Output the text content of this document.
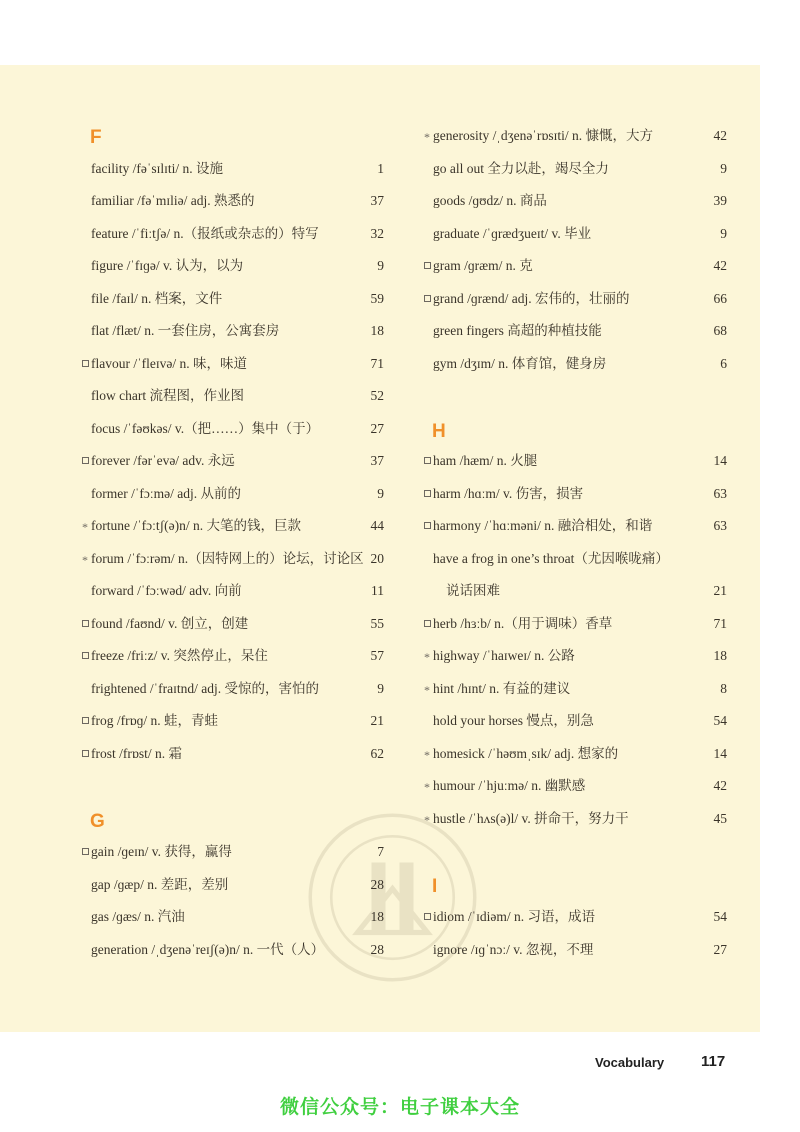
F
facility /fəˈsɪlɪti/ n. 设施	1
familiar /fəˈmɪliə/ adj. 熟悉的	37
feature /ˈfiːtʃə/ n.（报纸或杂志的）特写	32
figure /ˈfɪɡə/ v. 认为，以为	9
file /faɪl/ n. 档案，文件	59
flat /flæt/ n. 一套住房，公寓套房	18
flavour /ˈfleɪvə/ n. 味，味道	71
flow chart 流程图，作业图	52
focus /ˈfəʊkəs/ v.（把……）集中（于）	27
forever /fərˈevə/ adv. 永远	37
former /ˈfɔːmə/ adj. 从前的	9
*
fortune /ˈfɔːtʃ(ə)n/ n. 大笔的钱，巨款	44
*
forum /ˈfɔːrəm/ n.（因特网上的）论坛，讨论区 20
forward /ˈfɔːwəd/ adv. 向前	11
found /faʊnd/ v. 创立，创建	55
freeze /friːz/ v. 突然停止，呆住	57
frightened /ˈfraɪtnd/ adj. 受惊的，害怕的	9
frog /frɒɡ/ n. 蛙，青蛙	21
frost /frɒst/ n. 霜	62
G
gain /ɡeɪn/ v. 获得，赢得	7
gap /ɡæp/ n. 差距，差别	28
gas /ɡæs/ n. 汽油	18
generation /ˌdʒenəˈreɪʃ(ə)n/ n. 一代（人）	28
*
generosity /ˌdʒenəˈrɒsɪti/ n. 慷慨，大方	42
go all out 全力以赴，竭尽全力	9
goods /ɡʊdz/ n. 商品	39
graduate /ˈɡrædʒueɪt/ v. 毕业	9
gram /ɡræm/ n. 克	42
grand /ɡrænd/ adj. 宏伟的，壮丽的	66
green fingers 高超的种植技能	68
gym /dʒɪm/ n. 体育馆，健身房	6
H
ham /hæm/ n. 火腿	14
harm /hɑːm/ v. 伤害，损害	63
harmony /ˈhɑːməni/ n. 融洽相处，和谐	63
have a frog in one’s throat（尤因喉咙痛）
说话困难	21
herb /hɜːb/ n.（用于调味）香草	71
*
highway /ˈhaɪweɪ/ n. 公路	18
*
hint /hɪnt/ n. 有益的建议	8
hold your horses 慢点，别急	54
*
homesick /ˈhəʊmˌsɪk/ adj. 想家的	14
*
humour /ˈhjuːmə/ n. 幽默感	42
*
hustle /ˈhʌs(ə)l/ v. 拼命干，努力干	45
I
idiom /ˈɪdiəm/ n. 习语，成语	54
ignore /ɪɡˈnɔː/ v. 忽视，不理	27
Vocabulary 117
微信公众号：电子课本大全
